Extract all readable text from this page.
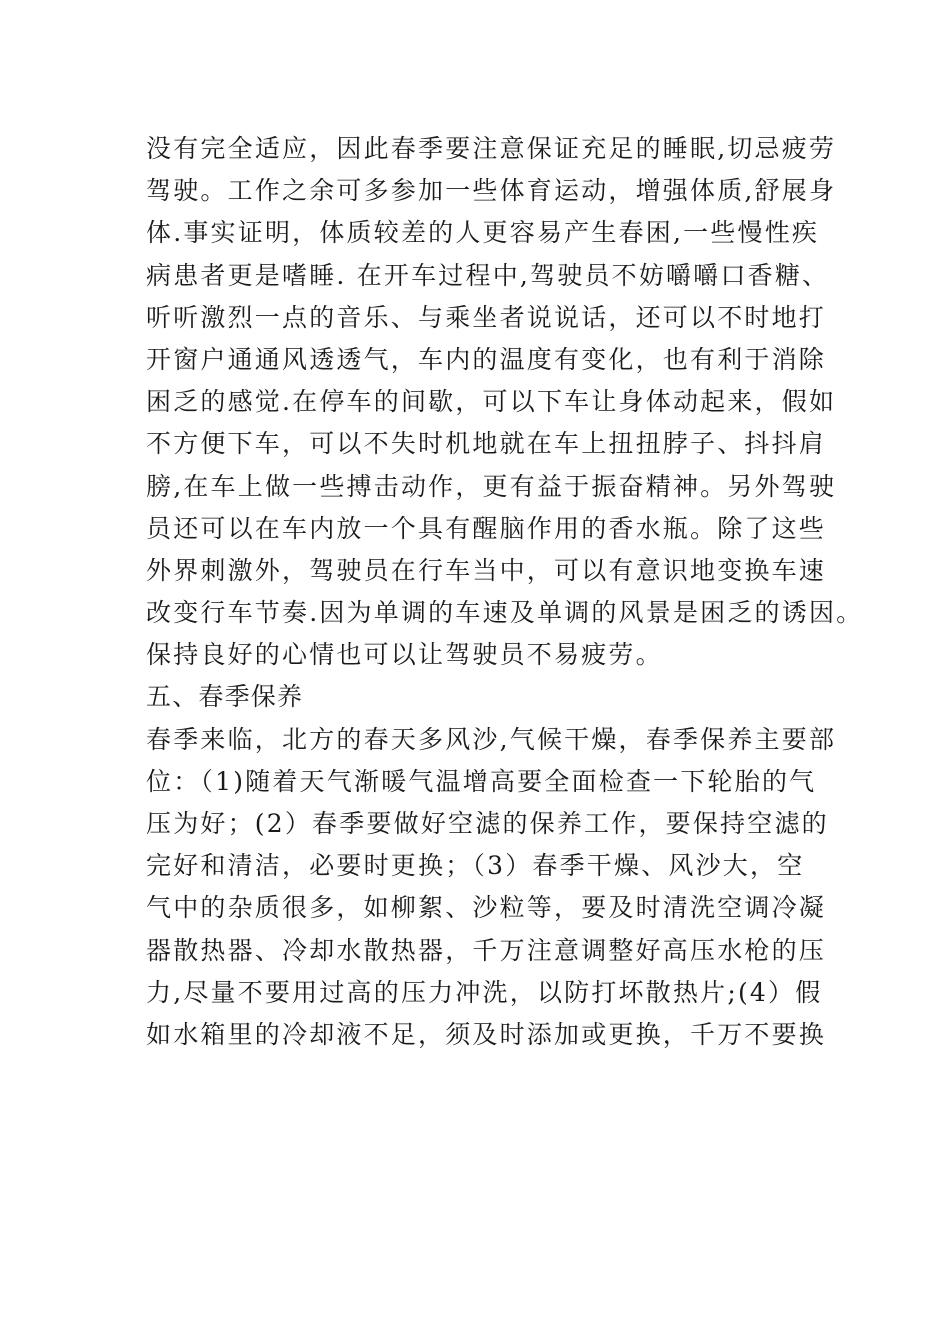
没有完全适应，因此春季要注意保证充足的睡眠,切忌疲劳
驾驶。工作之余可多参加一些体育运动，增强体质,舒展身
体.事实证明，体质较差的人更容易产生春困,一些慢性疾
病患者更是嗜睡. 在开车过程中,驾驶员不妨嚼嚼口香糖、
听听激烈一点的音乐、与乘坐者说说话，还可以不时地打
开窗户通通风透透气，车内的温度有变化，也有利于消除
困乏的感觉.在停车的间歇，可以下车让身体动起来，假如
不方便下车，可以不失时机地就在车上扭扭脖子、抖抖肩
膀,在车上做一些搏击动作，更有益于振奋精神。另外驾驶
员还可以在车内放一个具有醒脑作用的香水瓶。除了这些
外界刺激外，驾驶员在行车当中，可以有意识地变换车速
改变行车节奏.因为单调的车速及单调的风景是困乏的诱因。
保持良好的心情也可以让驾驶员不易疲劳。
五、春季保养
春季来临，北方的春天多风沙,气候干燥，春季保养主要部
位：（1)随着天气渐暖气温增高要全面检查一下轮胎的气
压为好；(2）春季要做好空滤的保养工作，要保持空滤的
完好和清洁，必要时更换；（3）春季干燥、风沙大，空
气中的杂质很多，如柳絮、沙粒等，要及时清洗空调冷凝
器散热器、冷却水散热器，千万注意调整好高压水枪的压
力,尽量不要用过高的压力冲洗，以防打坏散热片;(4）假
如水箱里的冷却液不足，须及时添加或更换，千万不要换
